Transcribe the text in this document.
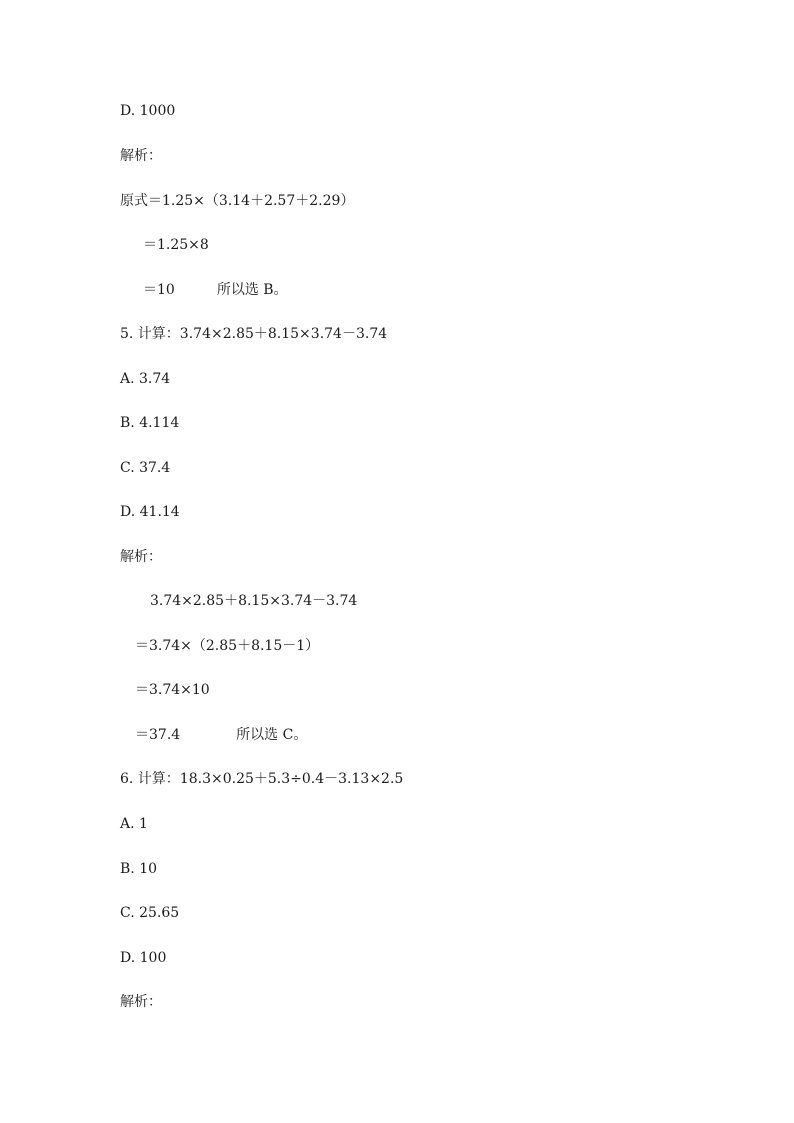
D. 1000
解析：
原式＝1.25×（3.14＋2.57＋2.29）
＝1.25×8
＝10　　　所以选 B。
5. 计算：3.74×2.85＋8.15×3.74－3.74
A. 3.74
B. 4.114
C. 37.4
D. 41.14
解析：
3.74×2.85＋8.15×3.74－3.74
＝3.74×（2.85＋8.15－1）
＝3.74×10
＝37.4　　　　所以选 C。
6. 计算：18.3×0.25＋5.3÷0.4－3.13×2.5
A. 1
B. 10
C. 25.65
D. 100
解析：
